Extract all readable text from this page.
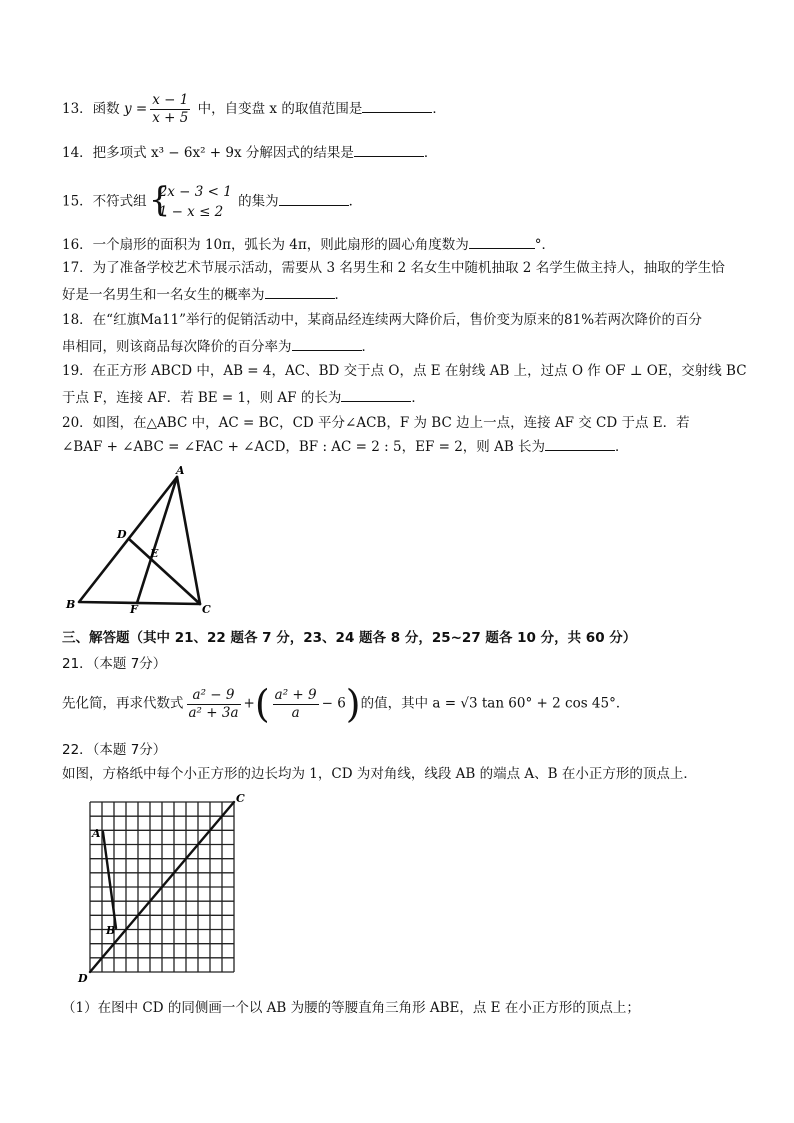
13．函数 $y = \frac{x - 1}{x + 5}$ 中，自变盘 x 的取值范围是	．
14．把多项式 x³ − 6x² + 9x 分解因式的结果是	．
15．不符式组 {
2x − 3 < 1
1 − x ≤ 2
的集为	．
16．一个扇形的面积为 10π，弧长为 4π，则此扇形的圆心角度数为	°．
17．为了准备学校艺术节展示活动，需要从 3 名男生和 2 名女生中随机抽取 2 名学生做主持人，抽取的学生恰
好是一名男生和一名女生的概率为	．
18．在“红旗Ma11”举行的促销活动中，某商品经连续两大降价后，售价变为原来的81%若两次降价的百分
串相同，则该商品每次降价的百分率为	．
19．在正方形 ABCD 中，AB = 4，AC、BD 交于点 O，点 E 在射线 AB 上，过点 O 作 OF ⊥ OE，交射线 BC
于点 F，连接 AF．若 BE = 1，则 AF 的长为	．
20．如图，在△ABC 中，AC = BC，CD 平分∠ACB，F 为 BC 边上一点，连接 AF 交 CD 于点 E．若
∠BAF + ∠ABC = ∠FAC + ∠ACD，BF : AC = 2 : 5，EF = 2，则 AB 长为	．
A
D
E
B	F	C
三、解答题（其中 21、22 题各 7 分，23、24 题各 8 分，25~27 题各 10 分，共 60 分）
21．（本题 7分）
先化简，再求代数式 $\frac{\text{a² − 9}}{\text{a² + 3a}}$ +( $\frac{\text{a² + 9}}{a} - 6$)的值，其中 a = √3 tan 60° + 2 cos 45°．
22．（本题 7分）
如图，方格纸中每个小正方形的边长均为 1，CD 为对角线，线段 AB 的端点 A、B 在小正方形的顶点上．
C
A
B
D
（1）在图中 CD 的同侧画一个以 AB 为腰的等腰直角三角形 ABE，点 E 在小正方形的顶点上；
